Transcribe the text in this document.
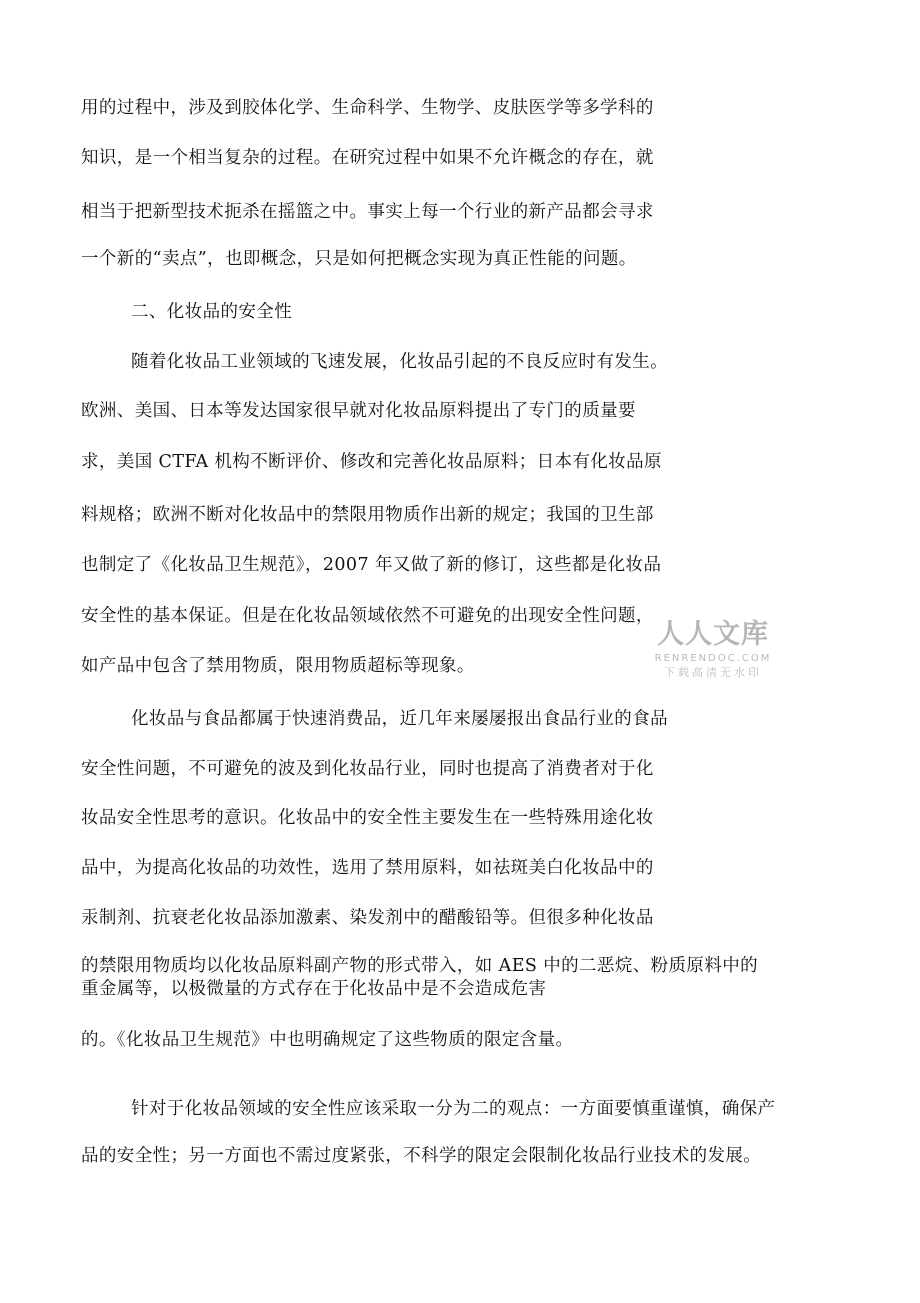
用的过程中，涉及到胶体化学、生命科学、生物学、皮肤医学等多学科的
知识，是一个相当复杂的过程。在研究过程中如果不允许概念的存在，就
相当于把新型技术扼杀在摇篮之中。事实上每一个行业的新产品都会寻求
一个新的“卖点”，也即概念，只是如何把概念实现为真正性能的问题。
二、化妆品的安全性
随着化妆品工业领域的飞速发展，化妆品引起的不良反应时有发生。
欧洲、美国、日本等发达国家很早就对化妆品原料提出了专门的质量要
求，美国 CTFA 机构不断评价、修改和完善化妆品原料；日本有化妆品原
料规格；欧洲不断对化妆品中的禁限用物质作出新的规定；我国的卫生部
也制定了《化妆品卫生规范》，2007 年又做了新的修订，这些都是化妆品
安全性的基本保证。但是在化妆品领域依然不可避免的出现安全性问题，
如产品中包含了禁用物质，限用物质超标等现象。
化妆品与食品都属于快速消费品，近几年来屡屡报出食品行业的食品
安全性问题，不可避免的波及到化妆品行业，同时也提高了消费者对于化
妆品安全性思考的意识。化妆品中的安全性主要发生在一些特殊用途化妆
品中，为提高化妆品的功效性，选用了禁用原料，如祛斑美白化妆品中的
汞制剂、抗衰老化妆品添加激素、染发剂中的醋酸铅等。但很多种化妆品
的禁限用物质均以化妆品原料副产物的形式带入，如 AES 中的二恶烷、粉质原料中的
重金属等，以极微量的方式存在于化妆品中是不会造成危害
的。《化妆品卫生规范》中也明确规定了这些物质的限定含量。
针对于化妆品领域的安全性应该采取一分为二的观点：一方面要慎重谨慎，确保产
品的安全性；另一方面也不需过度紧张，不科学的限定会限制化妆品行业技术的发展。
人人文库
RENRENDOC.COM
下载高清无水印
